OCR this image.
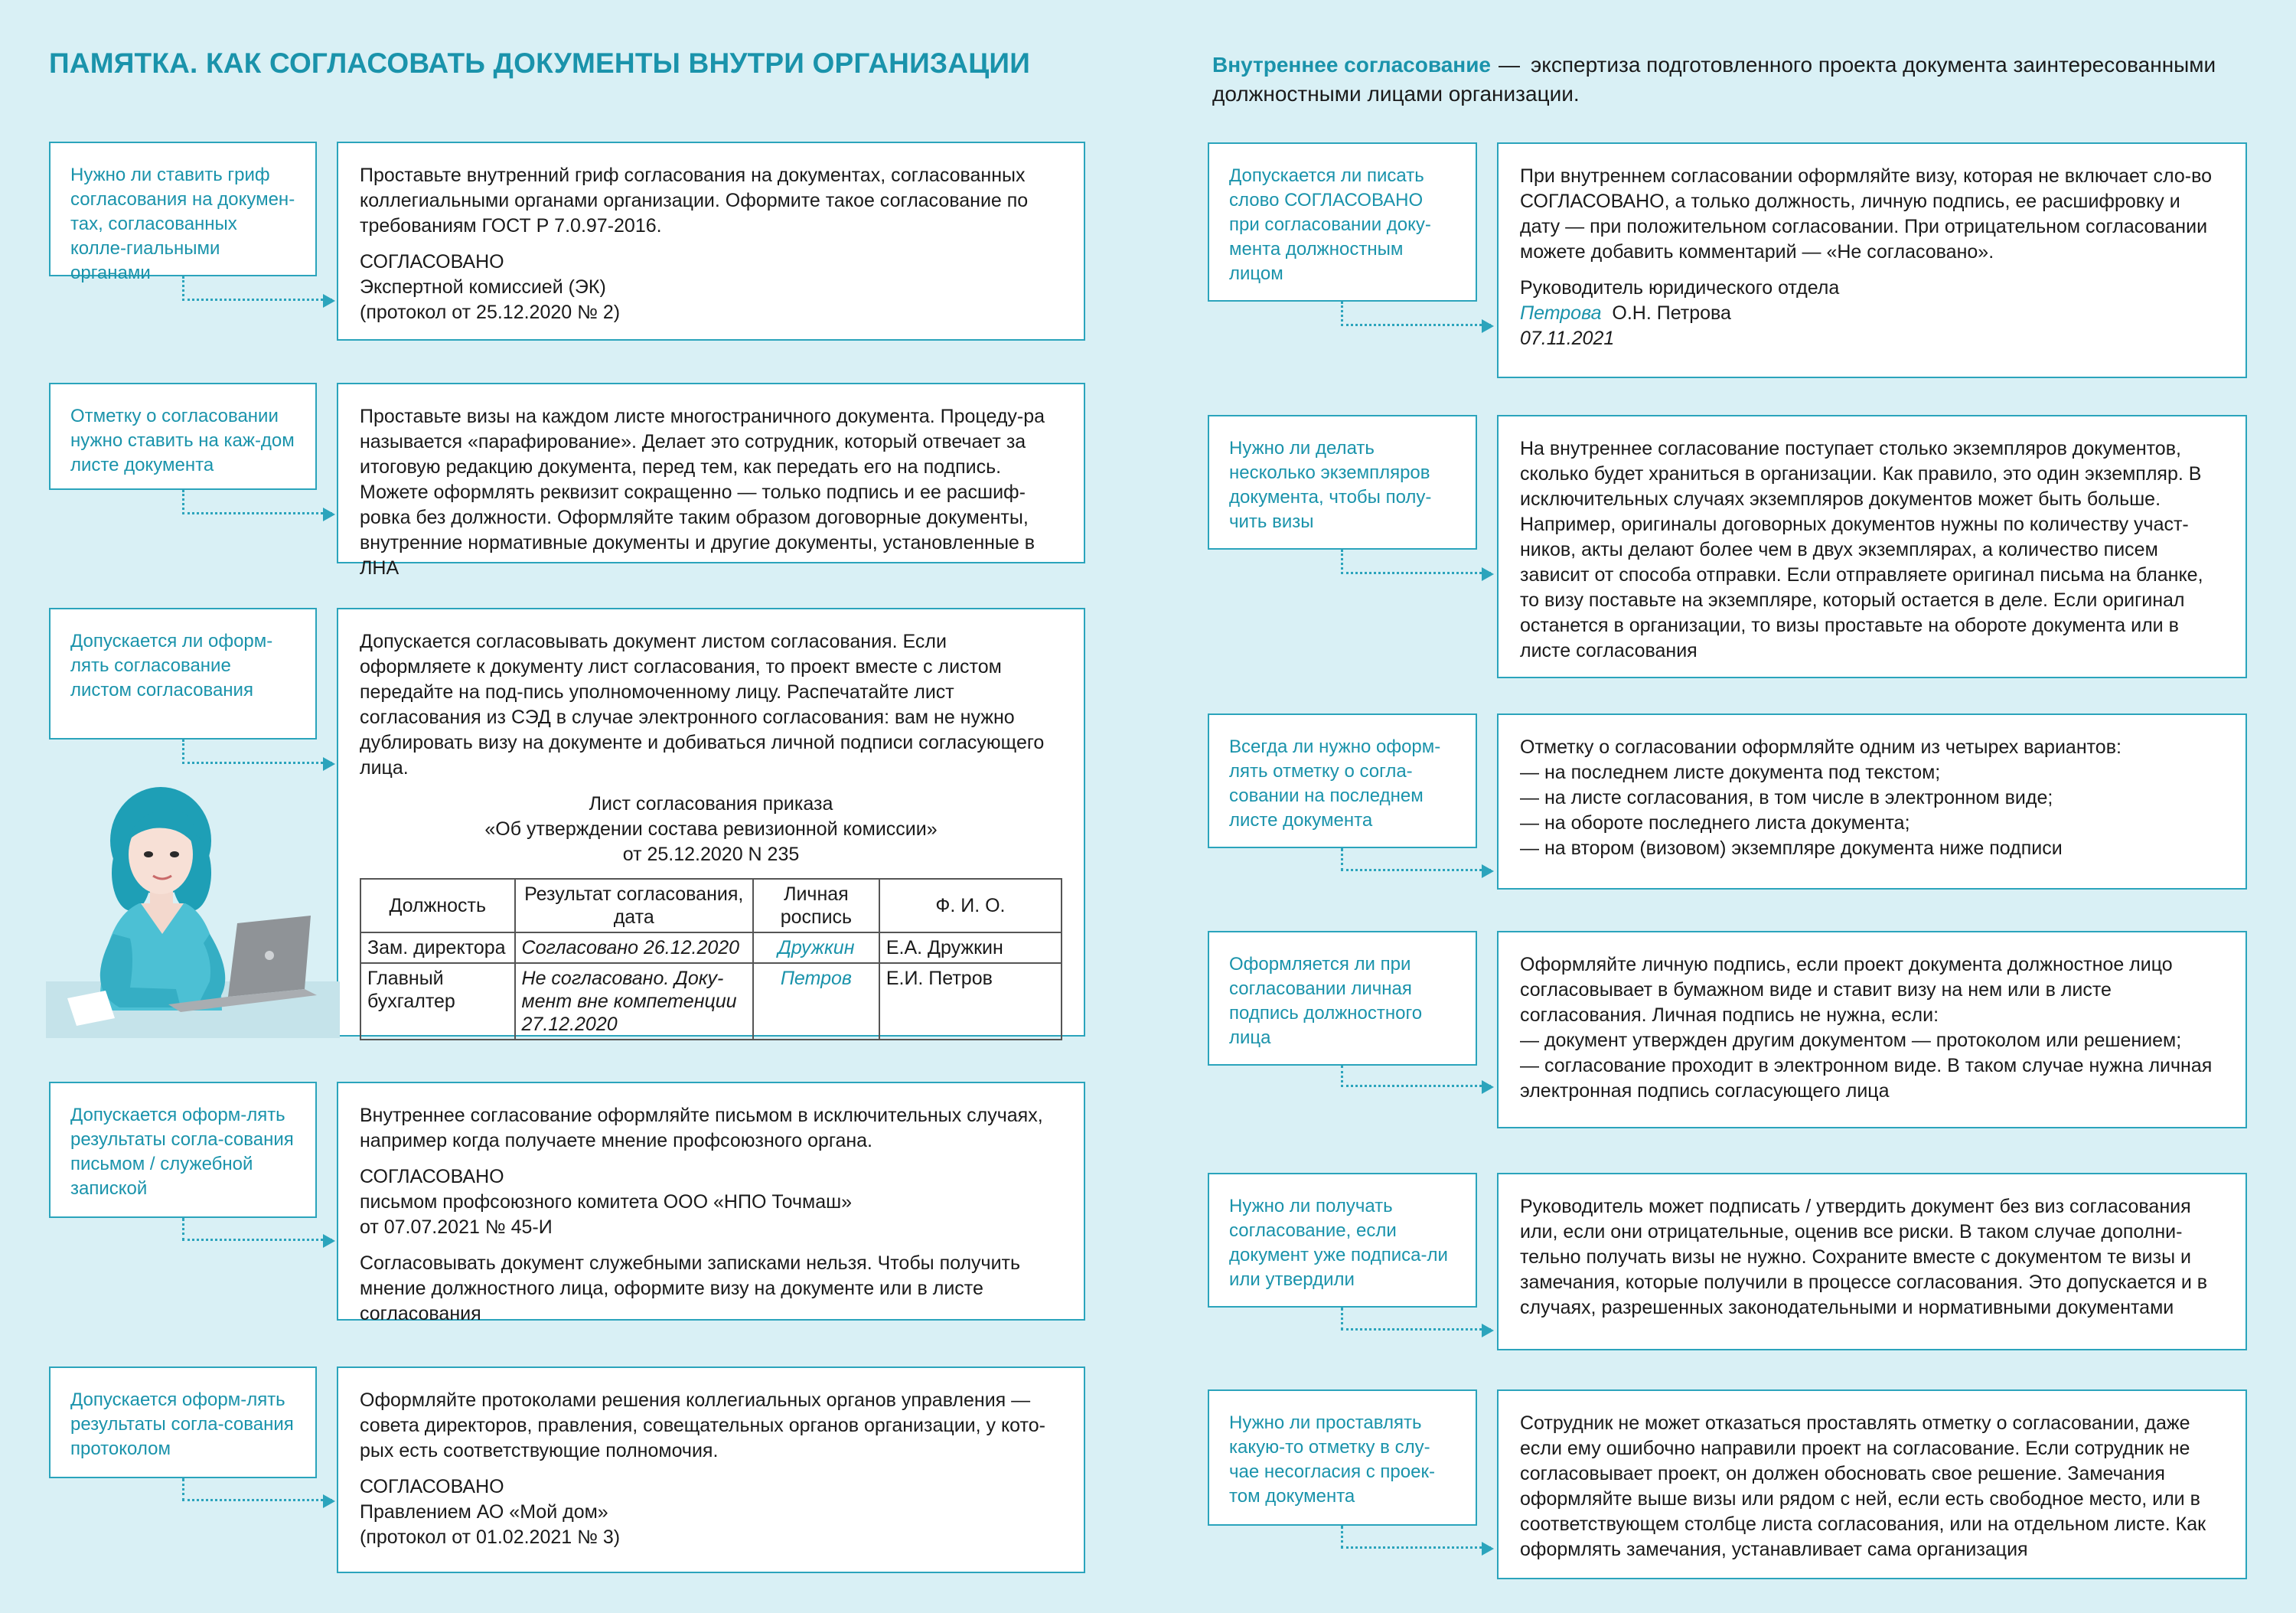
ПАМЯТКА. КАК СОГЛАСОВАТЬ ДОКУМЕНТЫ ВНУТРИ ОРГАНИЗАЦИИ	Внутреннее согласование — экспертиза подготовленного проекта документа заинтересованными должностными лицами организации.
Нужно ли ставить гриф согласования на докумен-тах, согласованных колле-гиальными органами

Проставьте внутренний гриф согласования на документах, согласованных коллегиальными органами организации. Оформите такое согласование по требованиям ГОСТ Р 7.0.97-2016.

СОГЛАСОВАНО
Экспертной комиссией (ЭК)
(протокол от 25.12.2020 № 2)
Отметку о согласовании нужно ставить на каж-дом листе документа

Проставьте визы на каждом листе многостраничного документа. Процеду-ра называется «парафирование». Делает это сотрудник, который отвечает за итоговую редакцию документа, перед тем, как передать его на подпись. Можете оформлять реквизит сокращенно — только подпись и ее расшиф-ровка без должности. Оформляйте таким образом договорные документы, внутренние нормативные документы и другие документы, установленные в ЛНА

Допускается ли оформ-лять согласование листом согласования

Допускается согласовывать документ листом согласования. Если оформляете к документу лист согласования, то проект вместе с листом передайте на под-пись уполномоченному лицу. Распечатайте лист согласования из СЭД в случае электронного согласования: вам не нужно дублировать визу на документе и добиваться личной подписи согласующего лица.

Лист согласования приказа
«Об утверждении состава ревизионной комиссии»
от 25.12.2020 N 235
Должность	Результат согласования, дата	Личная роспись	Ф. И. О.
Зам. директора	Согласовано 26.12.2020	Дружкин	Е.А. Дружкин
Главный бухгалтер	Не согласовано. Доку-мент вне компетенции 27.12.2020	Петров	Е.И. Петров
Допускается оформ-лять результаты согла-сования письмом / служебной запиской

Внутреннее согласование оформляйте письмом в исключительных случаях, например когда получаете мнение профсоюзного органа.

СОГЛАСОВАНО
письмом профсоюзного комитета ООО «НПО Точмаш»
от 07.07.2021 № 45-И

Согласовывать документ служебными записками нельзя. Чтобы получить мнение должностного лица, оформите визу на документе или в листе согласования

Допускается оформ-лять результаты согла-сования протоколом

Оформляйте протоколами решения коллегиальных органов управления — совета директоров, правления, совещательных органов организации, у кото-рых есть соответствующие полномочия.

СОГЛАСОВАНО
Правлением АО «Мой дом»
(протокол от 01.02.2021 № 3)
Допускается ли писать слово СОГЛАСОВАНО при согласовании доку-мента должностным лицом

При внутреннем согласовании оформляйте визу, которая не включает сло-во СОГЛАСОВАНО, а только должность, личную подпись, ее расшифровку и дату — при положительном согласовании. При отрицательном согласовании можете добавить комментарий — «Не согласовано».

Руководитель юридического отдела
Петрова О.Н. Петрова
07.11.2021
Нужно ли делать несколько экземпляров документа, чтобы полу-чить визы

На внутреннее согласование поступает столько экземпляров документов, сколько будет храниться в организации. Как правило, это один экземпляр. В исключительных случаях экземпляров документов может быть больше. Например, оригиналы договорных документов нужны по количеству участ-ников, акты делают более чем в двух экземплярах, а количество писем зависит от способа отправки. Если отправляете оригинал письма на бланке, то визу поставьте на экземпляре, который остается в деле. Если оригинал останется в организации, то визы проставьте на обороте документа или в листе согласования

Всегда ли нужно оформ-лять отметку о согла-совании на последнем листе документа

Отметку о согласовании оформляйте одним из четырех вариантов:

— на последнем листе документа под текстом;
— на листе согласования, в том числе в электронном виде;
— на обороте последнего листа документа;
— на втором (визовом) экземпляре документа ниже подписи
Оформляется ли при согласовании личная подпись должностного лица

Оформляйте личную подпись, если проект документа должностное лицо согласовывает в бумажном виде и ставит визу на нем или в листе согласования. Личная подпись не нужна, если:

— документ утвержден другим документом — протоколом или решением;
— согласование проходит в электронном виде. В таком случае нужна личная электронная подпись согласующего лица
Нужно ли получать согласование, если документ уже подписа-ли или утвердили

Руководитель может подписать / утвердить документ без виз согласования или, если они отрицательные, оценив все риски. В таком случае дополни-тельно получать визы не нужно. Сохраните вместе с документом те визы и замечания, которые получили в процессе согласования. Это допускается и в случаях, разрешенных законодательными и нормативными документами

Нужно ли проставлять какую-то отметку в слу-чае несогласия с проек-том документа

Сотрудник не может отказаться проставлять отметку о согласовании, даже если ему ошибочно направили проект на согласование. Если сотрудник не согласовывает проект, он должен обосновать свое решение. Замечания оформляйте выше визы или рядом с ней, если есть свободное место, или в соответствующем столбце листа согласования, или на отдельном листе. Как оформлять замечания, устанавливает сама организация
